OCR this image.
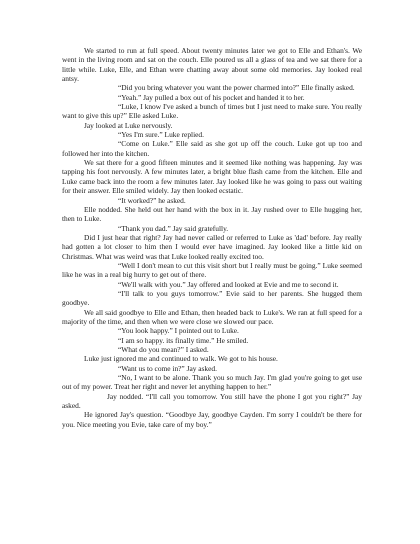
We started to run at full speed. About twenty minutes later we got to Elle and Ethan's. We went in the living room and sat on the couch. Elle poured us all a glass of tea and we sat there for a little while. Luke, Elle, and Ethan were chatting away about some old memories. Jay looked real antsy.

“Did you bring whatever you want the power charmed into?” Elle finally asked.

“Yeah.” Jay pulled a box out of his pocket and handed it to her.

“Luke, I know I've asked a bunch of times but I just need to make sure. You really want to give this up?” Elle asked Luke.

Jay looked at Luke nervously.

“Yes I'm sure.” Luke replied.

“Come on Luke.” Elle said as she got up off the couch. Luke got up too and followed her into the kitchen.

We sat there for a good fifteen minutes and it seemed like nothing was happening. Jay was tapping his foot nervously. A few minutes later, a bright blue flash came from the kitchen. Elle and Luke came back into the room a few minutes later. Jay looked like he was going to pass out waiting for their answer. Elle smiled widely. Jay then looked ecstatic.

“It worked?” he asked.

Elle nodded. She held out her hand with the box in it. Jay rushed over to Elle hugging her, then to Luke.

“Thank you dad.” Jay said gratefully.

Did I just hear that right? Jay had never called or referred to Luke as 'dad' before. Jay really had gotten a lot closer to him then I would ever have imagined. Jay looked like a little kid on Christmas. What was weird was that Luke looked really excited too.

“Well I don't mean to cut this visit short but I really must be going.” Luke seemed like he was in a real big hurry to get out of there.

“We'll walk with you.” Jay offered and looked at Evie and me to second it.

“I'll talk to you guys tomorrow.” Evie said to her parents. She hugged them goodbye.

We all said goodbye to Elle and Ethan, then headed back to Luke's. We ran at full speed for a majority of the time, and then when we were close we slowed our pace.

“You look happy.” I pointed out to Luke.

“I am so happy. its finally time.” He smiled.

“What do you mean?” I asked.

Luke just ignored me and continued to walk. We got to his house.

“Want us to come in?” Jay asked.

“No, I want to be alone. Thank you so much Jay. I'm glad you're going to get use out of my power. Treat her right and never let anything happen to her.”

Jay nodded. “I'll call you tomorrow. You still have the phone I got you right?” Jay asked.

He ignored Jay's question. “Goodbye Jay, goodbye Cayden. I'm sorry I couldn't be there for you. Nice meeting you Evie, take care of my boy.”
